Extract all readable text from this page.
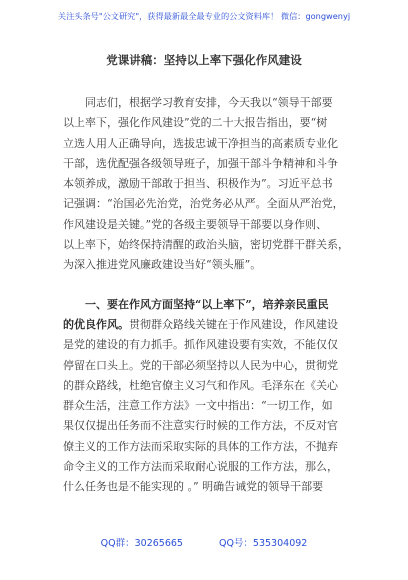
关注头条号"公文研究"，获得最新最全最专业的公文资料库！ 微信：gongwenyj
党课讲稿：坚持以上率下强化作风建设
同志们，根据学习教育安排，今天我以“领导干部要
以上率下，强化作风建设”党的二十大报告指出，要“树
立选人用人正确导向，选拔忠诚干净担当的高素质专业化
干部，选优配强各级领导班子，加强干部斗争精神和斗争
本领养成，激励干部敢于担当、积极作为”。习近平总书
记强调：“治国必先治党，治党务必从严。全面从严治党，
作风建设是关键。”党的各级主要领导干部要以身作则、
以上率下，始终保持清醒的政治头脑，密切党群干群关系，
为深入推进党风廉政建设当好“领头雁”。
一、要在作风方面坚持“以上率下”，培养亲民重民
的优良作风。贯彻群众路线关键在于作风建设，作风建设
是党的建设的有力抓手。抓作风建设要有实效，不能仅仅
停留在口头上。党的干部必须坚持以人民为中心，贯彻党
的群众路线，杜绝官僚主义习气和作风。毛泽东在《关心
群众生活，注意工作方法》一文中指出：“一切工作，如
果仅仅提出任务而不注意实行时候的工作方法，不反对官
僚主义的工作方法而采取实际的具体的工作方法，不抛弃
命令主义的工作方法而采取耐心说服的工作方法，那么，
什么任务也是不能实现的 。” 明确告诫党的领导干部要
QQ群：30265665	QQ号：535304092
